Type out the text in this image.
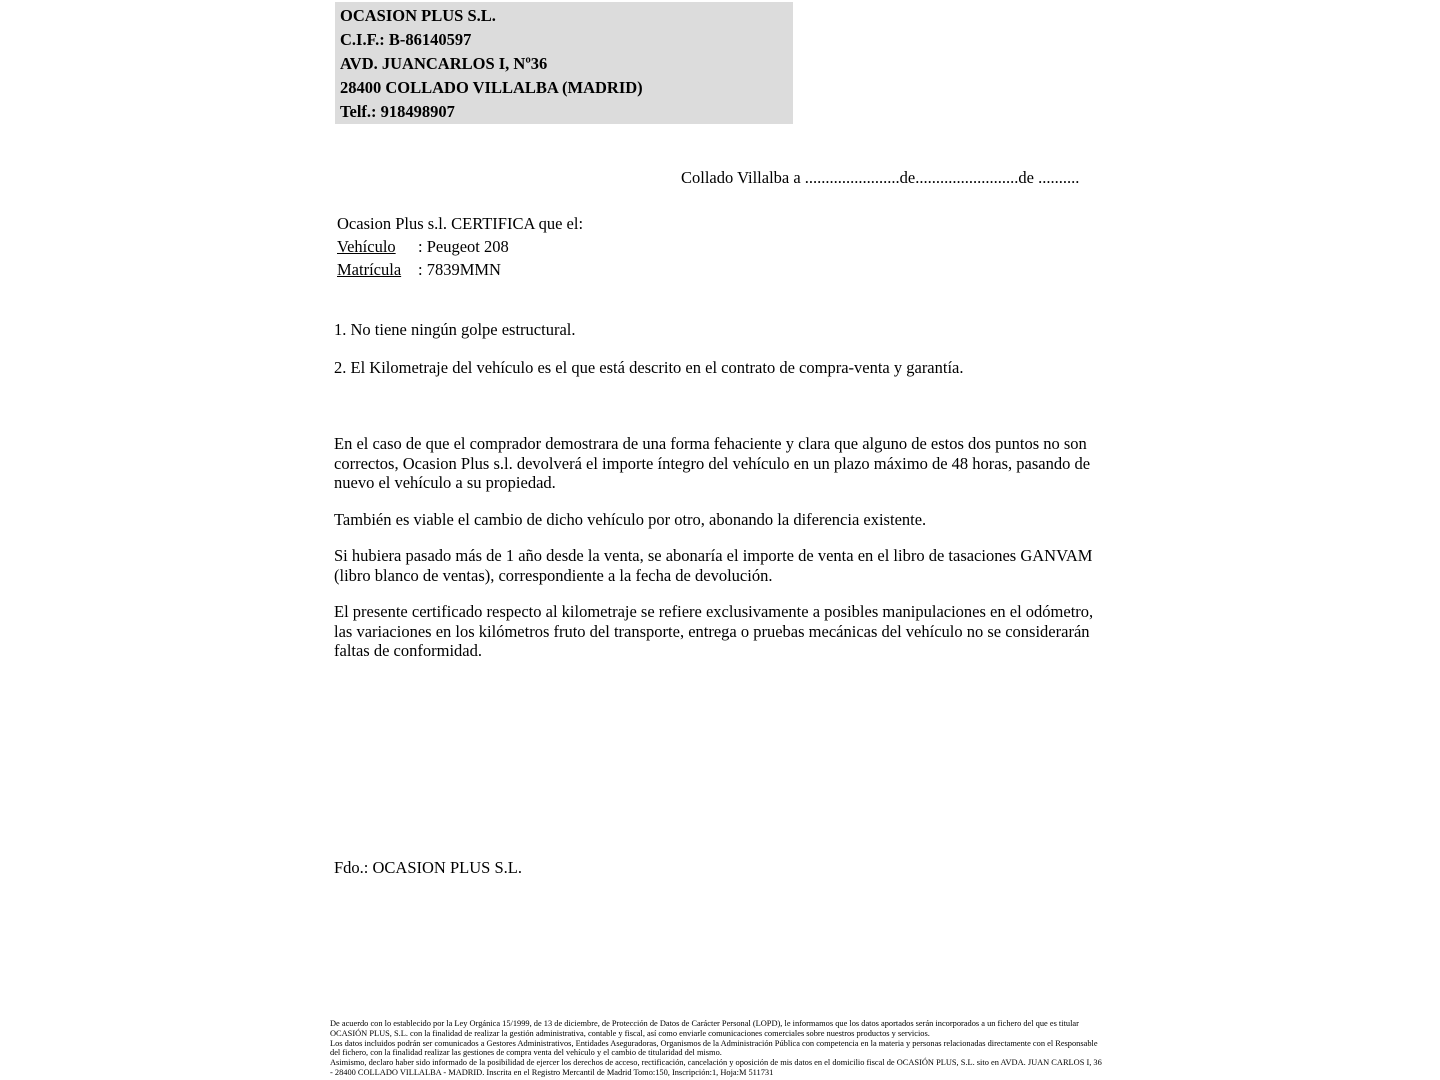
OCASION PLUS S.L.
C.I.F.: B-86140597
AVD. JUANCARLOS I, Nº36
28400 COLLADO VILLALBA (MADRID)
Telf.: 918498907
Collado Villalba a .......................de.........................de ..........
Ocasion Plus s.l. CERTIFICA que el:
Vehículo : Peugeot 208
Matrícula : 7839MMN

1. No tiene ningún golpe estructural.

2. El Kilometraje del vehículo es el que está descrito en el contrato de compra-venta y garantía.

En el caso de que el comprador demostrara de una forma fehaciente y clara que alguno de estos dos puntos no son correctos, Ocasion Plus s.l. devolverá el importe íntegro del vehículo en un plazo máximo de 48 horas, pasando de nuevo el vehículo a su propiedad.

También es viable el cambio de dicho vehículo por otro, abonando la diferencia existente.

Si hubiera pasado más de 1 año desde la venta, se abonaría el importe de venta en el libro de tasaciones GANVAM (libro blanco de ventas), correspondiente a la fecha de devolución.

El presente certificado respecto al kilometraje se refiere exclusivamente a posibles manipulaciones en el odómetro, las variaciones en los kilómetros fruto del transporte, entrega o pruebas mecánicas del vehículo no se considerarán faltas de conformidad.

Fdo.: OCASION PLUS S.L.

De acuerdo con lo establecido por la Ley Orgánica 15/1999, de 13 de diciembre, de Protección de Datos de Carácter Personal (LOPD), le informamos que los datos aportados serán incorporados a un fichero del que es titular OCASIÓN PLUS, S.L. con la finalidad de realizar la gestión administrativa, contable y fiscal, así como enviarle comunicaciones comerciales sobre nuestros productos y servicios.

Los datos incluidos podrán ser comunicados a Gestores Administrativos, Entidades Aseguradoras, Organismos de la Administración Pública con competencia en la materia y personas relacionadas directamente con el Responsable del fichero, con la finalidad realizar las gestiones de compra venta del vehículo y el cambio de titularidad del mismo.

Asimismo, declaro haber sido informado de la posibilidad de ejercer los derechos de acceso, rectificación, cancelación y oposición de mis datos en el domicilio fiscal de OCASIÓN PLUS, S.L. sito en AVDA. JUAN CARLOS I, 36 - 28400 COLLADO VILLALBA - MADRID. Inscrita en el Registro Mercantil de Madrid Tomo:150, Inscripción:1, Hoja:M 511731
